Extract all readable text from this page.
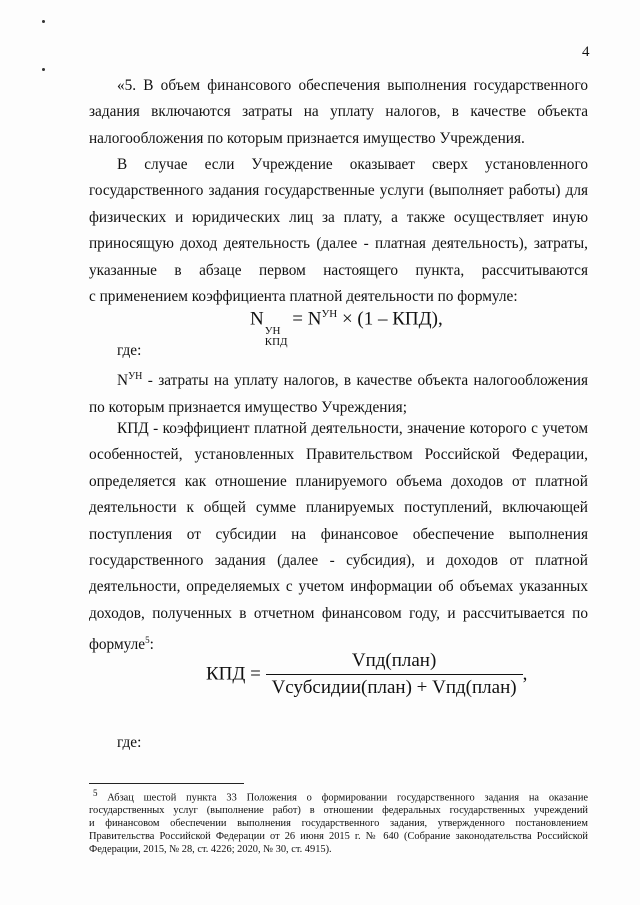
4
«5. В объем финансового обеспечения выполнения государственного
задания включаются затраты на уплату налогов, в качестве объекта
налогообложения по которым признается имущество Учреждения.
В случае если Учреждение оказывает сверх установленного
государственного задания государственные услуги (выполняет работы) для
физических и юридических лиц за плату, а также осуществляет иную
приносящую доход деятельность (далее - платная деятельность), затраты,
указанные в абзаце первом настоящего пункта, рассчитываются
с применением коэффициента платной деятельности по формуле:
N
УН
КПД
= $N^{УН} \times (1 - КПД)$,
где:
$N^{УН}$ - затраты на уплату налогов, в качестве объекта налогообложения
по которым признается имущество Учреждения;
КПД - коэффициент платной деятельности, значение которого с учетом
особенностей, установленных Правительством Российской Федерации,
определяется как отношение планируемого объема доходов от платной
деятельности к общей сумме планируемых поступлений, включающей
поступления от субсидии на финансовое обеспечение выполнения
государственного задания (далее - субсидия), и доходов от платной
деятельности, определяемых с учетом информации об объемах указанных
доходов, полученных в отчетном финансовом году, и рассчитывается по
формуле$^5$:
КПД = $\frac{\text{Vпд(план)}}{\text{Vсубсидии(план) + Vпд(план)}}$ ,
где:
$^5$ Абзац шестой пункта 33 Положения о формировании государственного задания на оказание
государственных услуг (выполнение работ) в отношении федеральных государственных учреждений
и финансовом обеспечении выполнения государственного задания, утвержденного постановлением
Правительства Российской Федерации от 26 июня 2015 г. № 640 (Собрание законодательства Российской
Федерации, 2015, № 28, ст. 4226; 2020, № 30, ст. 4915).
